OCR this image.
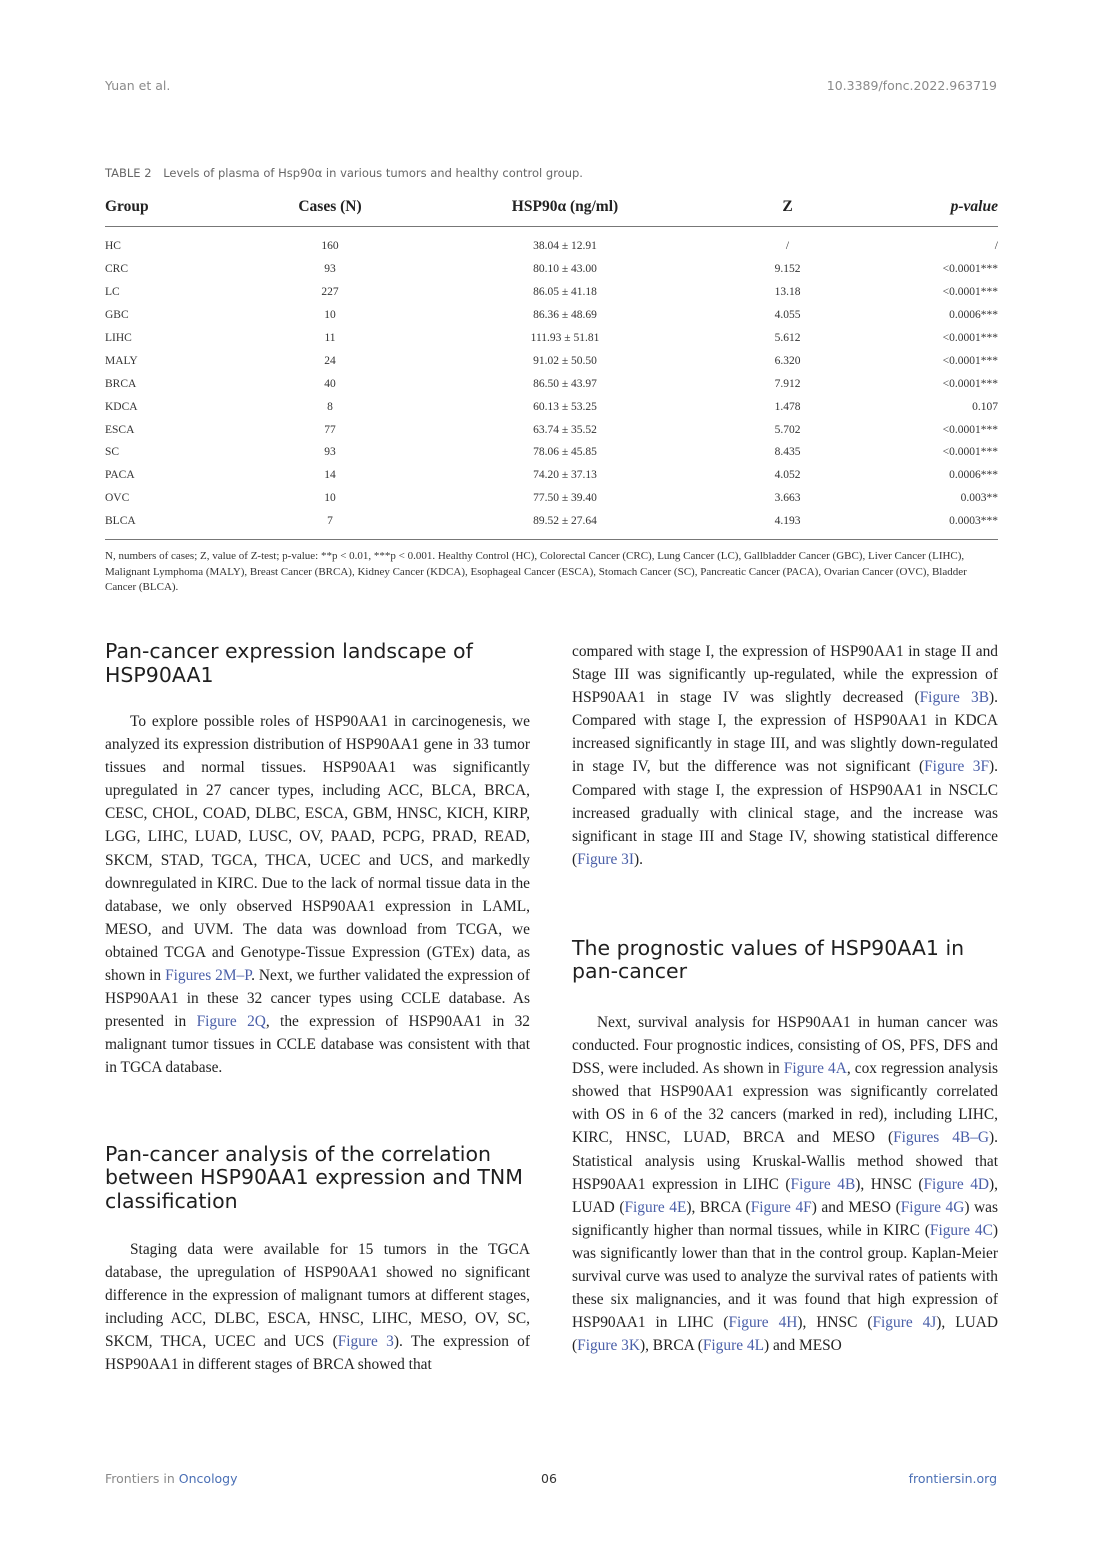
Yuan et al.	10.3389/fonc.2022.963719
TABLE 2 Levels of plasma of Hsp90α in various tumors and healthy control group.
Group	Cases (N)	HSP90α (ng/ml)	Z	p-value
HC	160	38.04 ± 12.91	/	/
CRC	93	80.10 ± 43.00	9.152	<0.0001***
LC	227	86.05 ± 41.18	13.18	<0.0001***
GBC	10	86.36 ± 48.69	4.055	0.0006***
LIHC	11	111.93 ± 51.81	5.612	<0.0001***
MALY	24	91.02 ± 50.50	6.320	<0.0001***
BRCA	40	86.50 ± 43.97	7.912	<0.0001***
KDCA	8	60.13 ± 53.25	1.478	0.107
ESCA	77	63.74 ± 35.52	5.702	<0.0001***
SC	93	78.06 ± 45.85	8.435	<0.0001***
PACA	14	74.20 ± 37.13	4.052	0.0006***
OVC	10	77.50 ± 39.40	3.663	0.003**
BLCA	7	89.52 ± 27.64	4.193	0.0003***
N, numbers of cases; Z, value of Z-test; p-value: **p < 0.01, ***p < 0.001. Healthy Control (HC), Colorectal Cancer (CRC), Lung Cancer (LC), Gallbladder Cancer (GBC), Liver Cancer (LIHC), Malignant Lymphoma (MALY), Breast Cancer (BRCA), Kidney Cancer (KDCA), Esophageal Cancer (ESCA), Stomach Cancer (SC), Pancreatic Cancer (PACA), Ovarian Cancer (OVC), Bladder Cancer (BLCA).
Pan-cancer expression landscape of HSP90AA1

To explore possible roles of HSP90AA1 in carcinogenesis, we analyzed its expression distribution of HSP90AA1 gene in 33 tumor tissues and normal tissues. HSP90AA1 was significantly upregulated in 27 cancer types, including ACC, BLCA, BRCA, CESC, CHOL, COAD, DLBC, ESCA, GBM, HNSC, KICH, KIRP, LGG, LIHC, LUAD, LUSC, OV, PAAD, PCPG, PRAD, READ, SKCM, STAD, TGCA, THCA, UCEC and UCS, and markedly downregulated in KIRC. Due to the lack of normal tissue data in the database, we only observed HSP90AA1 expression in LAML, MESO, and UVM. The data was download from TCGA, we obtained TCGA and Genotype-Tissue Expression (GTEx) data, as shown in Figures 2M–P. Next, we further validated the expression of HSP90AA1 in these 32 cancer types using CCLE database. As presented in Figure 2Q, the expression of HSP90AA1 in 32 malignant tumor tissues in CCLE database was consistent with that in TGCA database.

Pan-cancer analysis of the correlation between HSP90AA1 expression and TNM classification

Staging data were available for 15 tumors in the TGCA database, the upregulation of HSP90AA1 showed no significant difference in the expression of malignant tumors at different stages, including ACC, DLBC, ESCA, HNSC, LIHC, MESO, OV, SC, SKCM, THCA, UCEC and UCS (Figure 3). The expression of HSP90AA1 in different stages of BRCA showed that

compared with stage I, the expression of HSP90AA1 in stage II and Stage III was significantly up-regulated, while the expression of HSP90AA1 in stage IV was slightly decreased (Figure 3B). Compared with stage I, the expression of HSP90AA1 in KDCA increased significantly in stage III, and was slightly down-regulated in stage IV, but the difference was not significant (Figure 3F). Compared with stage I, the expression of HSP90AA1 in NSCLC increased gradually with clinical stage, and the increase was significant in stage III and Stage IV, showing statistical difference (Figure 3I).

The prognostic values of HSP90AA1 in pan-cancer

Next, survival analysis for HSP90AA1 in human cancer was conducted. Four prognostic indices, consisting of OS, PFS, DFS and DSS, were included. As shown in Figure 4A, cox regression analysis showed that HSP90AA1 expression was significantly correlated with OS in 6 of the 32 cancers (marked in red), including LIHC, KIRC, HNSC, LUAD, BRCA and MESO (Figures 4B–G). Statistical analysis using Kruskal-Wallis method showed that HSP90AA1 expression in LIHC (Figure 4B), HNSC (Figure 4D), LUAD (Figure 4E), BRCA (Figure 4F) and MESO (Figure 4G) was significantly higher than normal tissues, while in KIRC (Figure 4C) was significantly lower than that in the control group. Kaplan-Meier survival curve was used to analyze the survival rates of patients with these six malignancies, and it was found that high expression of HSP90AA1 in LIHC (Figure 4H), HNSC (Figure 4J), LUAD (Figure 3K), BRCA (Figure 4L) and MESO

Frontiers in Oncology	06	frontiersin.org
